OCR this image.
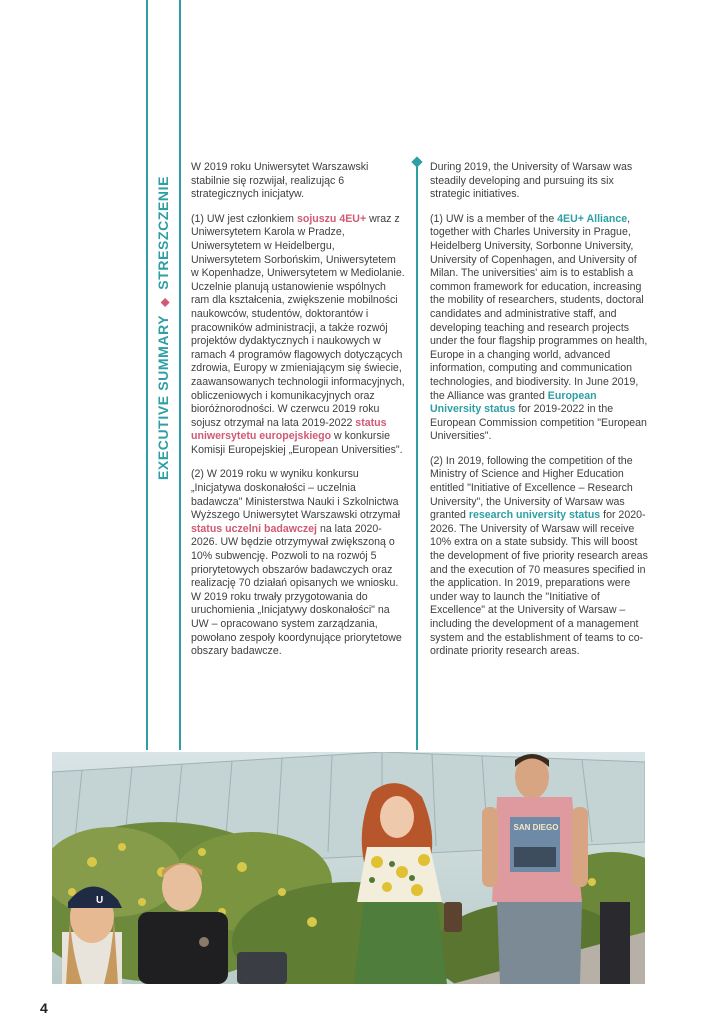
EXECUTIVE SUMMARY◆STRESZCZENIE

W 2019 roku Uniwersytet Warszawski stabilnie się rozwijał, realizując 6 strategicznych inicjatyw.

(1) UW jest członkiem sojuszu 4EU+ wraz z Uniwersytetem Karola w Pradze, Uniwersytetem w Heidelbergu, Uniwersytetem Sorbońskim, Uniwersytetem w Kopenhadze, Uniwersytetem w Mediolanie. Uczelnie planują ustanowienie wspólnych ram dla kształcenia, zwiększenie mobilności naukowców, studentów, doktorantów i pracowników administracji, a także rozwój projektów dydaktycznych i naukowych w ramach 4 programów flagowych dotyczących zdrowia, Europy w zmieniającym się świecie, zaawansowanych technologii informacyjnych, obliczeniowych i komunikacyjnych oraz bioróżnorodności. W czerwcu 2019 roku sojusz otrzymał na lata 2019-2022 status uniwersytetu europejskiego w konkursie Komisji Europejskiej „European Universities".

(2) W 2019 roku w wyniku konkursu „Inicjatywa doskonałości – uczelnia badawcza" Ministerstwa Nauki i Szkolnictwa Wyższego Uniwersytet Warszawski otrzymał status uczelni badawczej na lata 2020-2026. UW będzie otrzymywał zwiększoną o 10% subwencję. Pozwoli to na rozwój 5 priorytetowych obszarów badawczych oraz realizację 70 działań opisanych we wniosku. W 2019 roku trwały przygotowania do uruchomienia „Inicjatywy doskonałości" na UW – opracowano system zarządzania, powołano zespoły koordynujące priorytetowe obszary badawcze.

During 2019, the University of Warsaw was steadily developing and pursuing its six strategic initiatives.

(1) UW is a member of the 4EU+ Alliance, together with Charles University in Prague, Heidelberg University, Sorbonne University, University of Copenhagen, and University of Milan. The universities' aim is to establish a common framework for education, increasing the mobility of researchers, students, doctoral candidates and administrative staff, and developing teaching and research projects under the four flagship programmes on health, Europe in a changing world, advanced information, computing and communication technologies, and biodiversity. In June 2019, the Alliance was granted European University status for 2019-2022 in the European Commission competition "European Universities".

(2) In 2019, following the competition of the Ministry of Science and Higher Education entitled "Initiative of Excellence – Research University", the University of Warsaw was granted research university status for 2020-2026. The University of Warsaw will receive 10% extra on a state subsidy. This will boost the development of five priority research areas and the execution of 70 measures specified in the application. In 2019, preparations were under way to launch the "Initiative of Excellence" at the University of Warsaw – including the development of a management system and the establishment of teams to co-ordinate priority research areas.

U
SAN DIEGO
4
